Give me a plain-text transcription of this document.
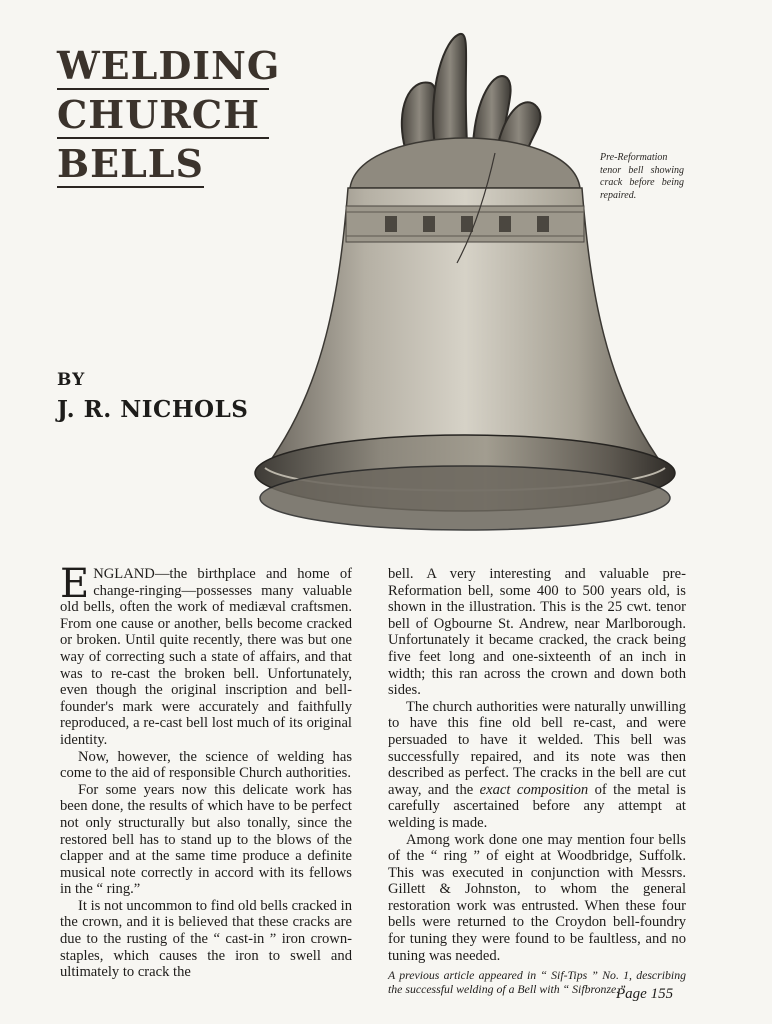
WELDING
CHURCH
BELLS
BY
J. R. NICHOLS
Pre-Reformation tenor bell showing crack before being repaired.

ENGLAND—the birthplace and home of change-ringing—possesses many valuable old bells, often the work of mediæval craftsmen. From one cause or another, bells become cracked or broken. Until quite recently, there was but one way of correcting such a state of affairs, and that was to re-cast the broken bell. Unfortunately, even though the original inscription and bell-founder's mark were accurately and faithfully reproduced, a re-cast bell lost much of its original identity.

Now, however, the science of welding has come to the aid of responsible Church authorities.

For some years now this delicate work has been done, the results of which have to be perfect not only structurally but also tonally, since the restored bell has to stand up to the blows of the clapper and at the same time produce a definite musical note correctly in accord with its fellows in the “ ring.”

It is not uncommon to find old bells cracked in the crown, and it is believed that these cracks are due to the rusting of the “ cast-in ” iron crown-staples, which causes the iron to swell and ultimately to crack the

bell. A very interesting and valuable pre-Reformation bell, some 400 to 500 years old, is shown in the illustration. This is the 25 cwt. tenor bell of Ogbourne St. Andrew, near Marlborough. Unfortunately it became cracked, the crack being five feet long and one-sixteenth of an inch in width; this ran across the crown and down both sides.

The church authorities were naturally unwilling to have this fine old bell re-cast, and were persuaded to have it welded. This bell was successfully repaired, and its note was then described as perfect. The cracks in the bell are cut away, and the exact composition of the metal is carefully ascertained before any attempt at welding is made.

Among work done one may mention four bells of the “ ring ” of eight at Woodbridge, Suffolk. This was executed in conjunction with Messrs. Gillett & Johnston, to whom the general restoration work was entrusted. When these four bells were returned to the Croydon bell-foundry for tuning they were found to be faultless, and no tuning was needed.

A previous article appeared in “ Sif-Tips ” No. 1, describing the successful welding of a Bell with “ Sifbronze.”
Page 155
